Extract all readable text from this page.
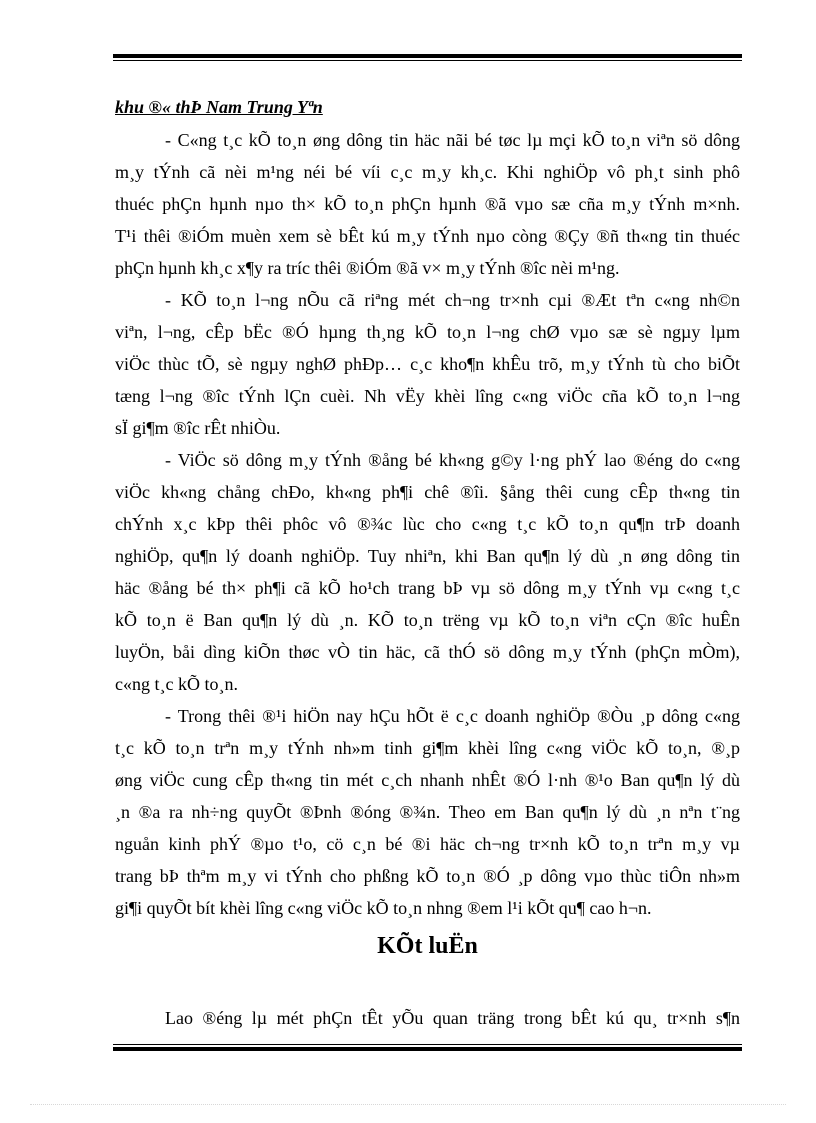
khu ®« thÞ Nam Trung Yªn
- C«ng t¸c kÕ to¸n øng dông tin häc nãi bé tøc lµ mçi kÕ to¸n viªn sö dông
m¸y tÝnh cã nèi m¹ng néi bé víi c¸c m¸y kh¸c. Khi nghiÖp vô ph¸t sinh phô
thuéc phÇn hµnh nµo th× kÕ to¸n phÇn hµnh ®ã vµo sæ cña m¸y tÝnh m×nh.
T¹i thêi ®iÓm muèn xem sè bÊt kú m¸y tÝnh nµo còng ®Çy ®ñ th«ng tin thuéc
phÇn hµnh kh¸c x¶y ra tríc thêi ®iÓm ®ã v× m¸y tÝnh ®îc nèi m¹ng.
- KÕ to¸n l¬ng nÕu cã riªng mét ch¬ng tr×nh cµi ®Æt tªn c«ng nh©n
viªn, l¬ng, cÊp bËc ®Ó hµng th¸ng kÕ to¸n l¬ng chØ vµo sæ sè ngµy lµm
viÖc thùc tÕ, sè ngµy nghØ phÐp… c¸c kho¶n khÊu trõ, m¸y tÝnh tù cho biÕt
tæng l¬ng ®îc tÝnh lÇn cuèi. Nh vËy khèi lîng c«ng viÖc cña kÕ to¸n l¬ng
sÏ gi¶m ®îc rÊt nhiÒu.
- ViÖc sö dông m¸y tÝnh ®ång bé kh«ng g©y l·ng phÝ lao ®éng do c«ng
viÖc kh«ng chång chÐo, kh«ng ph¶i chê ®îi. §ång thêi cung cÊp th«ng tin
chÝnh x¸c kÞp thêi phôc vô ®¾c lùc cho c«ng t¸c kÕ to¸n qu¶n trÞ doanh
nghiÖp, qu¶n lý doanh nghiÖp. Tuy nhiªn, khi Ban qu¶n lý dù ¸n øng dông tin
häc ®ång bé th× ph¶i cã kÕ ho¹ch trang bÞ vµ sö dông m¸y tÝnh vµ c«ng t¸c
kÕ to¸n ë Ban qu¶n lý dù ¸n. KÕ to¸n trëng vµ kÕ to¸n viªn cÇn ®îc huÊn
luyÖn, båi dìng kiÕn thøc vÒ tin häc, cã thÓ sö dông m¸y tÝnh (phÇn mÒm),
c«ng t¸c kÕ to¸n.
- Trong thêi ®¹i hiÖn nay hÇu hÕt ë c¸c doanh nghiÖp ®Òu ¸p dông c«ng
t¸c kÕ to¸n trªn m¸y tÝnh nh»m tinh gi¶m khèi lîng c«ng viÖc kÕ to¸n, ®¸p
øng viÖc cung cÊp th«ng tin mét c¸ch nhanh nhÊt ®Ó l·nh ®¹o Ban qu¶n lý dù
¸n ®a ra nh÷ng quyÕt ®Þnh ®óng ®¾n. Theo em Ban qu¶n lý dù ¸n nªn t¨ng
nguån kinh phÝ ®µo t¹o, cö c¸n bé ®i häc ch¬ng tr×nh kÕ to¸n trªn m¸y vµ
trang bÞ thªm m¸y vi tÝnh cho phßng kÕ to¸n ®Ó ¸p dông vµo thùc tiÔn nh»m
gi¶i quyÕt bít khèi lîng c«ng viÖc kÕ to¸n nhng ®em l¹i kÕt qu¶ cao h¬n.
KÕt luËn
Lao ®éng lµ mét phÇn tÊt yÕu quan träng trong bÊt kú qu¸ tr×nh s¶n
